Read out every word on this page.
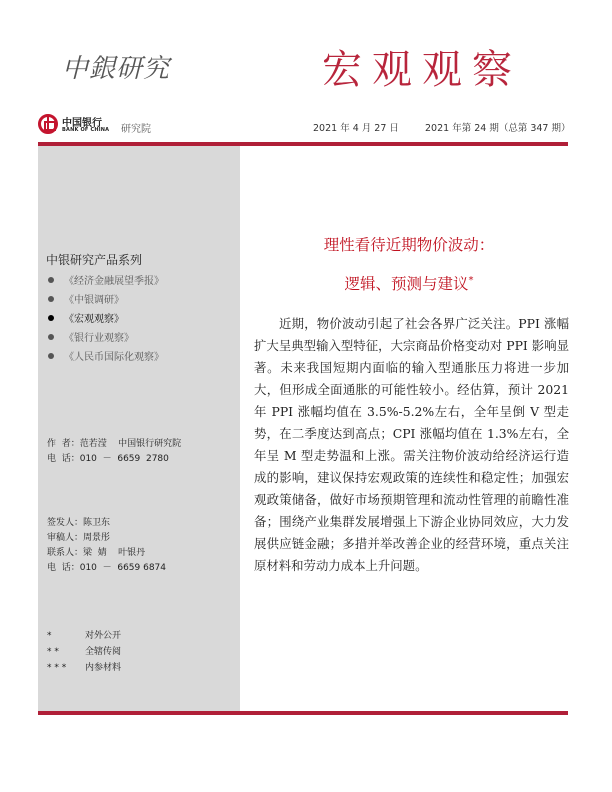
中銀研究	宏观观察
中国银行
BANK OF CHINA 研究院	2021 年 4 月 27 日	2021 年第 24 期（总第 347 期）
中银研究产品系列
《经济金融展望季报》
《中银调研》
《宏观观察》
《银行业观察》
《人民币国际化观察》
作  者：范若滢    中国银行研究院
电  话：010  －  6659  2780
签发人：陈卫东
审稿人：周景彤
联系人：梁  婧    叶银丹
电  话：010  －  6659 6874
*	对外公开
* *	全辖传阅
* * *	内参材料
理性看待近期物价波动：
逻辑、预测与建议*

近期，物价波动引起了社会各界广泛关注。PPI 涨幅扩大呈典型输入型特征，大宗商品价格变动对 PPI 影响显著。未来我国短期内面临的输入型通胀压力将进一步加大，但形成全面通胀的可能性较小。经估算，预计 2021 年 PPI 涨幅均值在 3.5%-5.2%左右，全年呈倒 V 型走势，在二季度达到高点；CPI 涨幅均值在 1.3%左右，全年呈 M 型走势温和上涨。需关注物价波动给经济运行造成的影响，建议保持宏观政策的连续性和稳定性；加强宏观政策储备，做好市场预期管理和流动性管理的前瞻性准备；围绕产业集群发展增强上下游企业协同效应，大力发展供应链金融；多措并举改善企业的经营环境，重点关注原材料和劳动力成本上升问题。
